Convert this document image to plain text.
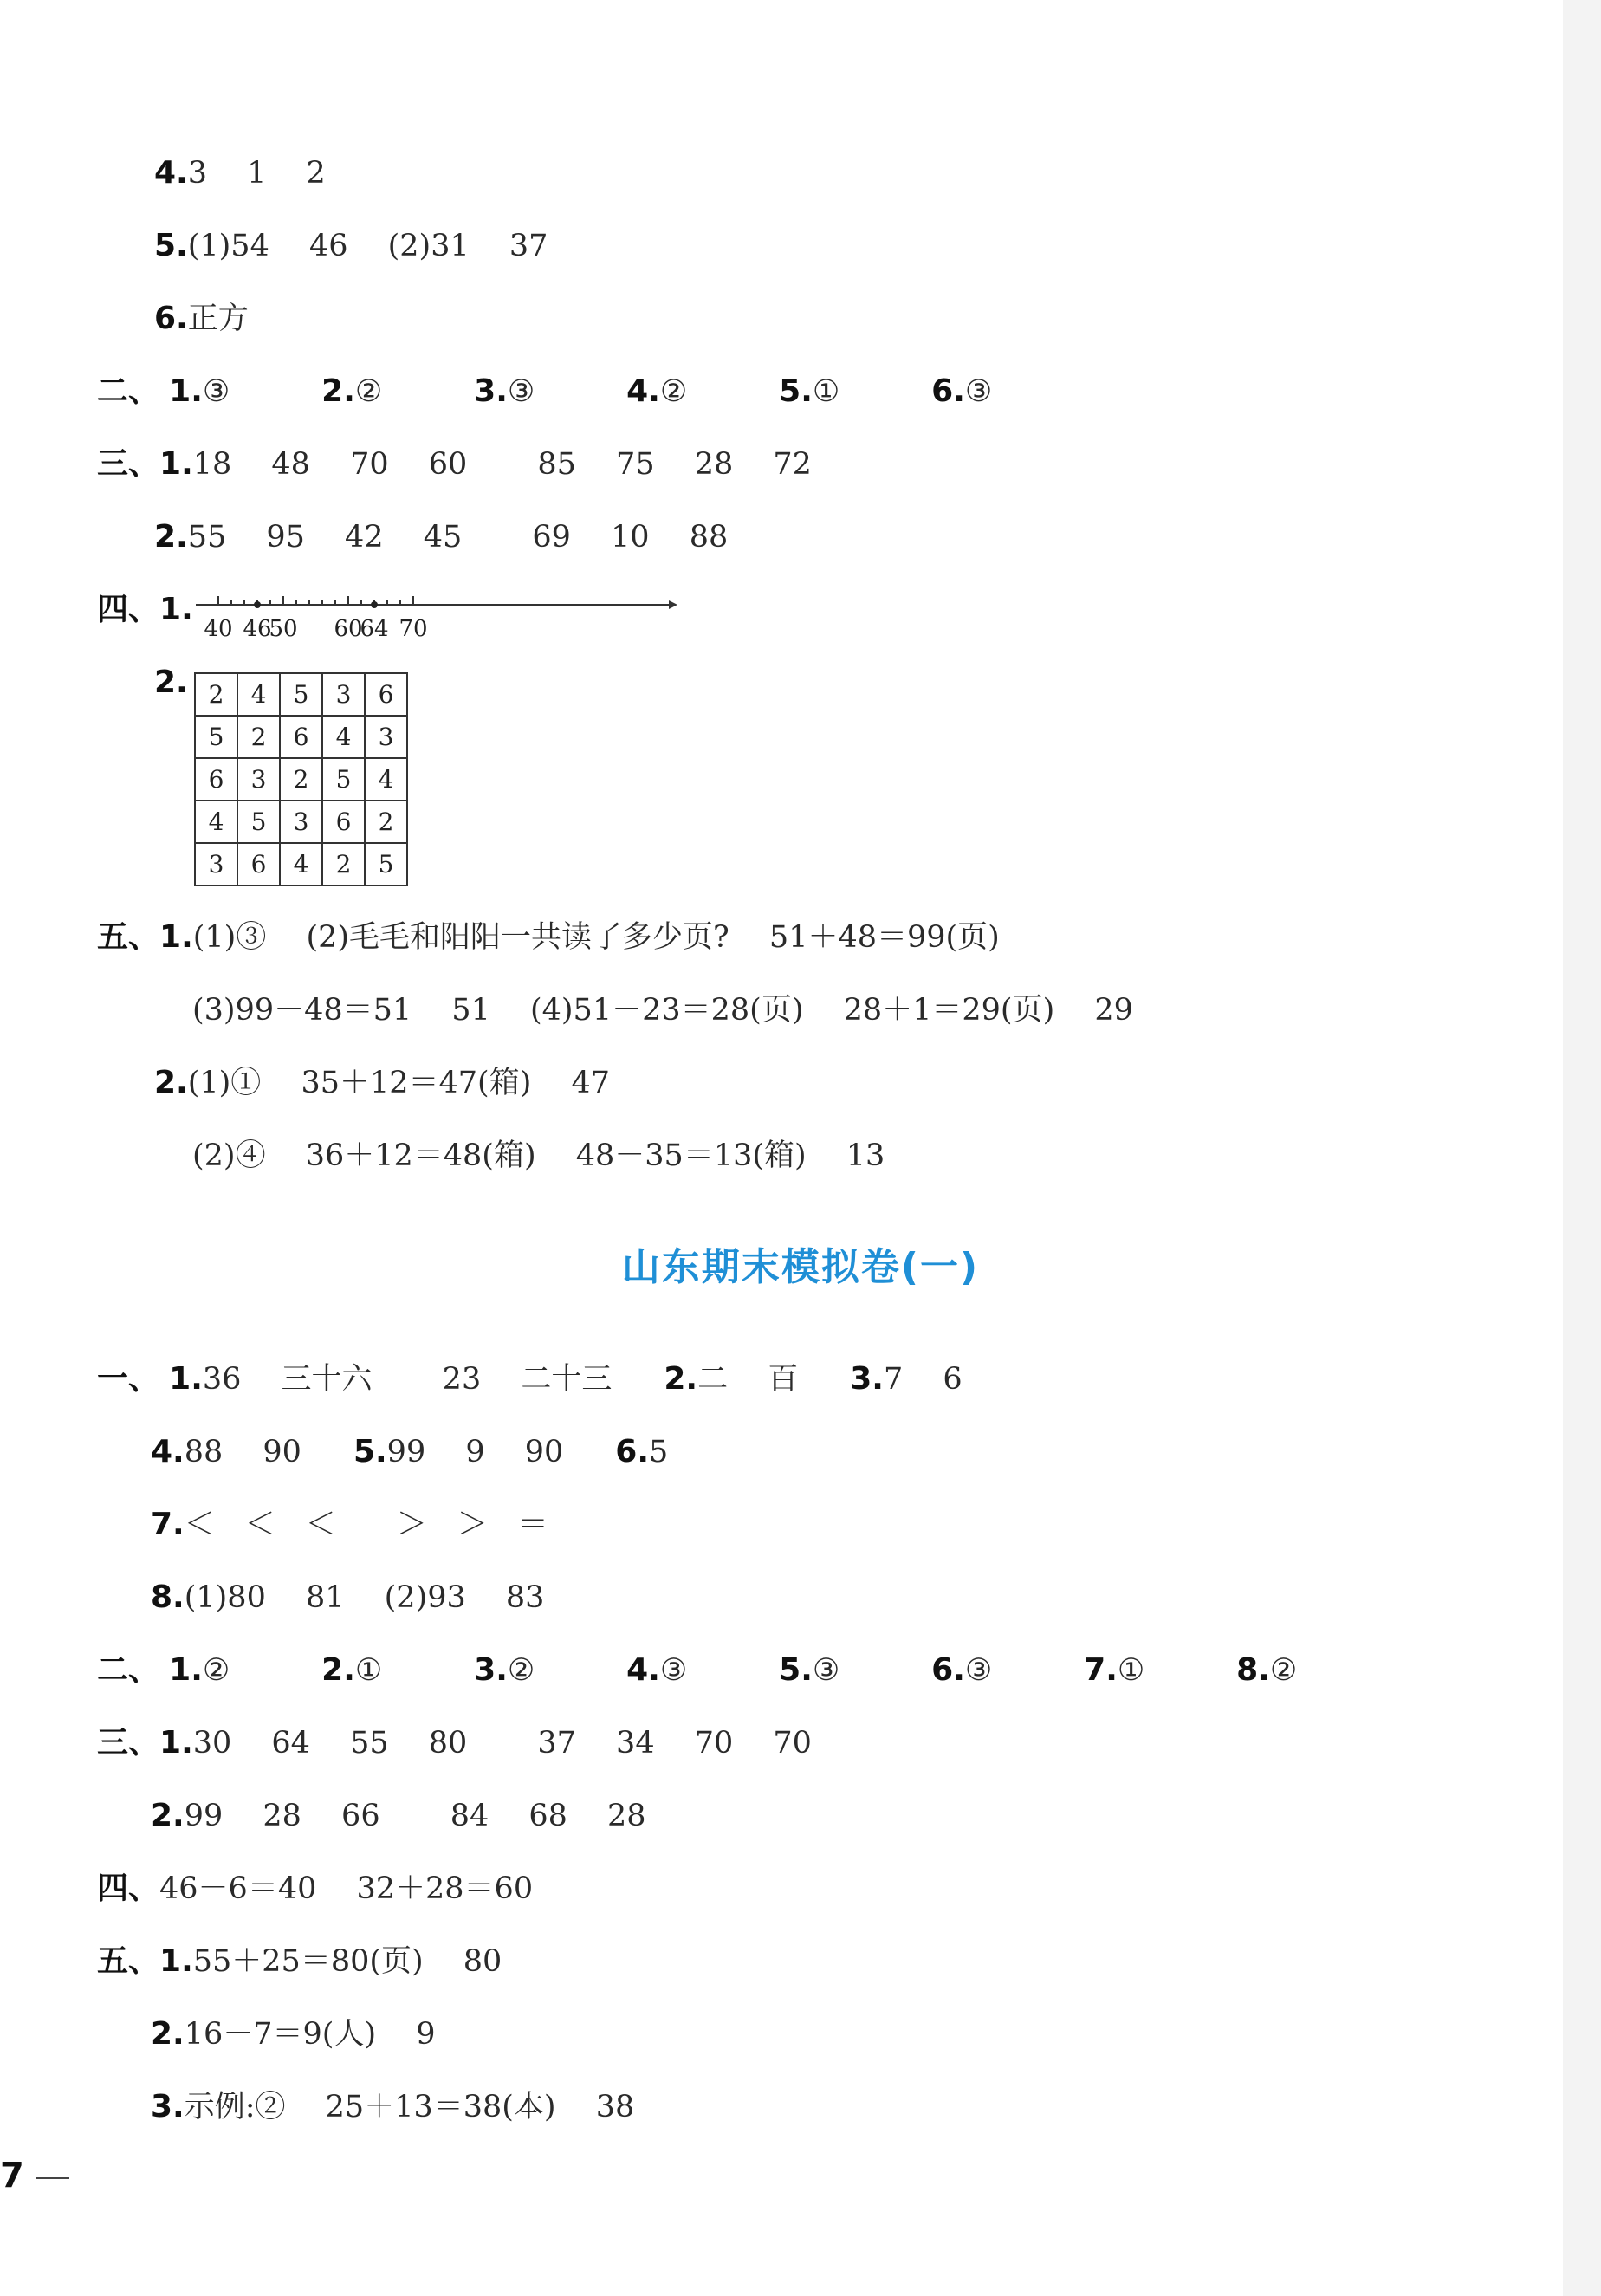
4.3　 1　 2
5.(1)54　 46　 (2)31　 37
6.正方
二、 1.③	2.②	3.③	4.②	5.①	6.③
三、1.18　 48　 70　 60　　 85　 75　 28　 72
2.55　 95　 42　 45　　 69　 10　 88
四、1.
40 46
50 60
64 70
2. 2	4	5	3	6
5	2	6	4	3
6	3	2	5	4
4	5	3	6	2
3	6	4	2	5
五、1.(1)③　 (2)毛毛和阳阳一共读了多少页?　 51＋48＝99(页)
(3)99－48＝51　 51　 (4)51－23＝28(页)　 28＋1＝29(页)　 29
2.(1)①　 35＋12＝47(箱)　 47
(2)④　 36＋12＝48(箱)　 48－35＝13(箱)　 13
山东期末模拟卷(一)
一、 1.36　 三十六　　 23　 二十三 2.二　 百 3.7　 6
4.88　 90 5.99　 9　 90 6.5
7.＜　＜　＜　　＞　＞　＝
8.(1)80　 81　 (2)93　 83
二、 1.②	2.①	3.②	4.③	5.③	6.③	7.①	8.②
三、1.30　 64　 55　 80　　 37　 34　 70　 70
2.99　 28　 66　　 84　 68　 28
四、46－6＝40　 32＋28＝60
五、1.55＋25＝80(页)　 80
2.16－7＝9(人)　 9
3.示例:②　 25＋13＝38(本)　 38
7
